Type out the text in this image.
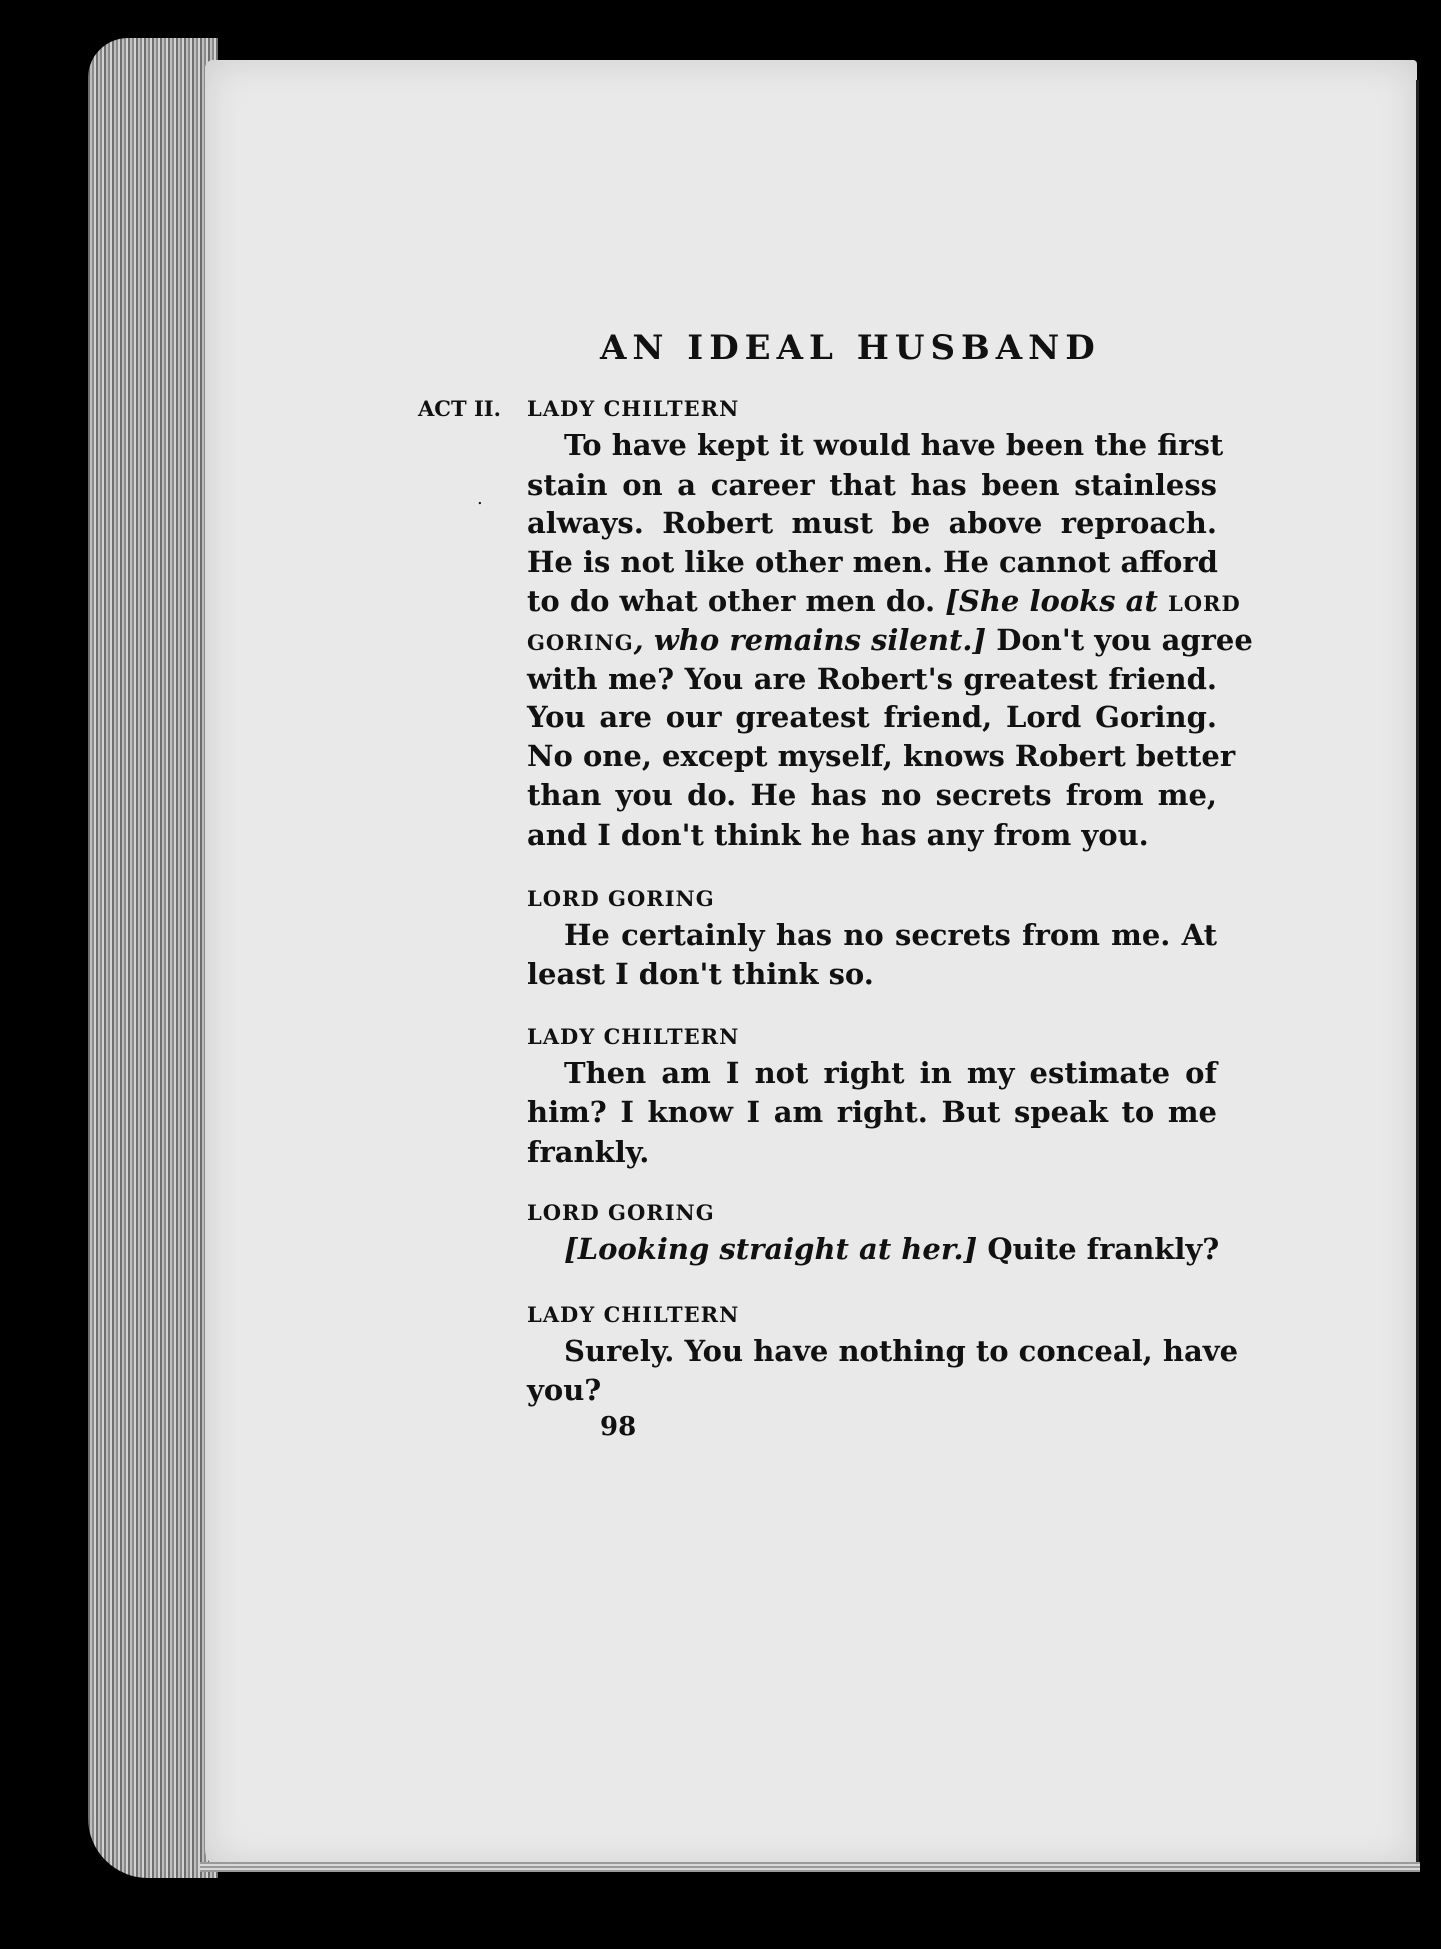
AN IDEAL HUSBAND
ACT II.
.
LADY CHILTERN
To have kept it would have been the first
stain on a career that has been stainless
always. Robert must be above reproach.
He is not like other men. He cannot afford
to do what other men do. [She looks at LORD
GORING, who remains silent.] Don't you agree
with me? You are Robert's greatest friend.
You are our greatest friend, Lord Goring.
No one, except myself, knows Robert better
than you do. He has no secrets from me,
and I don't think he has any from you.
LORD GORING
He certainly has no secrets from me. At
least I don't think so.
LADY CHILTERN
Then am I not right in my estimate of
him? I know I am right. But speak to me
frankly.
LORD GORING
[Looking straight at her.] Quite frankly?
LADY CHILTERN
Surely. You have nothing to conceal, have
you?
98
